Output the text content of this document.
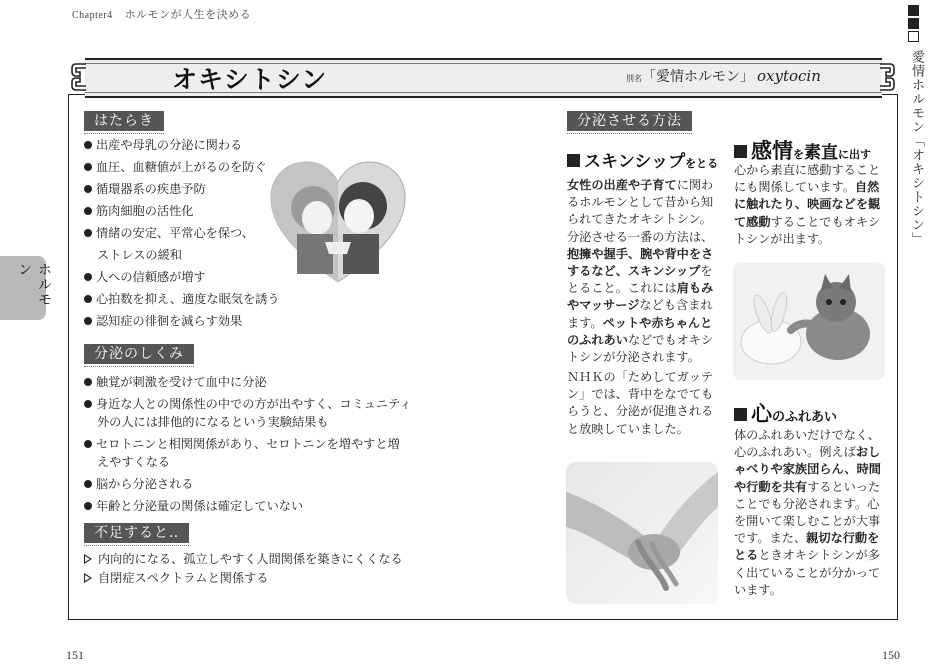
Chapter4 ホルモンが人生を決める
愛情ホルモン「オキシトシン」
ホルモン
オキシトシン	別名「愛情ホルモン」 oxytocin
はたらき
出産や母乳の分泌に関わる
血圧、血糖値が上がるのを防ぐ
循環器系の疾患予防
筋肉細胞の活性化
情緒の安定、平常心を保つ、
ストレスの緩和
人への信頼感が増す
心拍数を抑え、適度な眠気を誘う
認知症の徘徊を減らす効果
分泌のしくみ
触覚が刺激を受けて血中に分泌
身近な人との関係性の中での方が出やすく、コミュニティ
外の人には排他的になるという実験結果も
セロトニンと相関関係があり、セロトニンを増やすと増
えやすくなる
脳から分泌される
年齢と分泌量の関係は確定していない
不足すると‥
内向的になる、孤立しやすく人間関係を築きにくくなる
自閉症スペクトラムと関係する
分泌させる方法
スキンシップをとる
女性の出産や子育てに関わるホルモンとして昔から知られてきたオキシトシン。分泌させる一番の方法は、抱擁や握手、腕や背中をさするなど、スキンシップをとること。これには肩もみやマッサージなども含まれます。ペットや赤ちゃんとのふれあいなどでもオキシトシンが分泌されます。
ＮＨＫの「ためしてガッテン」では、背中をなでてもらうと、分泌が促進されると放映していました。
感情を素直に出す
心から素直に感動することにも関係しています。自然に触れたり、映画などを観て感動することでもオキシトシンが出ます。
心のふれあい
体のふれあいだけでなく、心のふれあい。例えばおしゃべりや家族団らん、時間や行動を共有するといったことでも分泌されます。心を開いて楽しむことが大事です。また、親切な行動をとるときオキシトシンが多く出ていることが分かっています。
151	150
